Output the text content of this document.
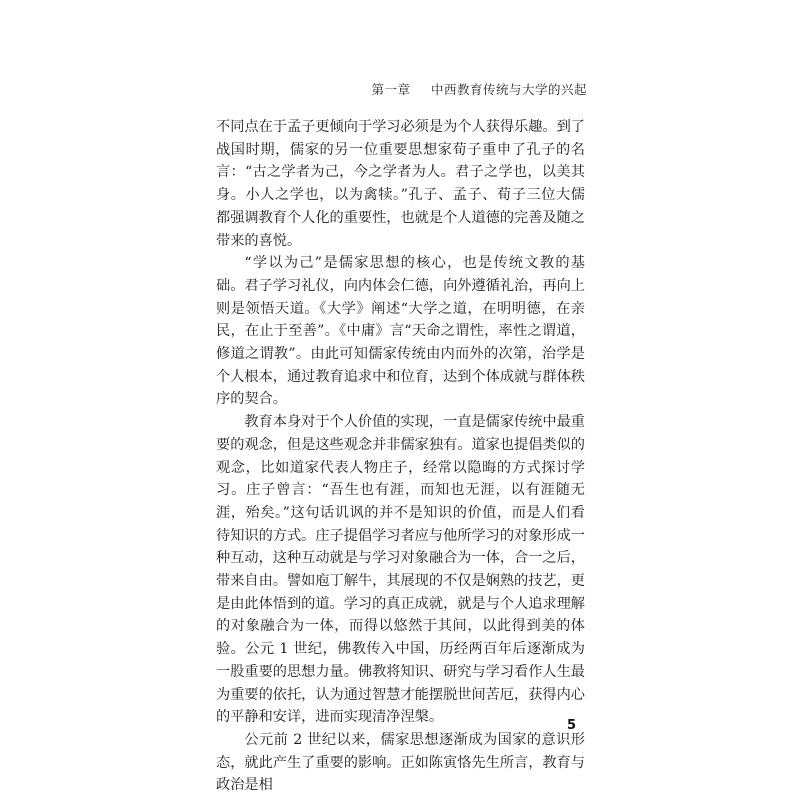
第一章 中西教育传统与大学的兴起

不同点在于孟子更倾向于学习必须是为个人获得乐趣。到了战国时期，儒家的另一位重要思想家荀子重申了孔子的名言：“古之学者为己，今之学者为人。君子之学也，以美其身。小人之学也，以为禽犊。”孔子、孟子、荀子三位大儒都强调教育个人化的重要性，也就是个人道德的完善及随之带来的喜悦。

“学以为己”是儒家思想的核心，也是传统文教的基础。君子学习礼仪，向内体会仁德，向外遵循礼治，再向上则是领悟天道。《大学》阐述“大学之道，在明明德，在亲民，在止于至善”。《中庸》言“天命之谓性，率性之谓道，修道之谓教”。由此可知儒家传统由内而外的次第，治学是个人根本，通过教育追求中和位育，达到个体成就与群体秩序的契合。

教育本身对于个人价值的实现，一直是儒家传统中最重要的观念，但是这些观念并非儒家独有。道家也提倡类似的观念，比如道家代表人物庄子，经常以隐晦的方式探讨学习。庄子曾言：“吾生也有涯，而知也无涯，以有涯随无涯，殆矣。”这句话讥讽的并不是知识的价值，而是人们看待知识的方式。庄子提倡学习者应与他所学习的对象形成一种互动，这种互动就是与学习对象融合为一体，合一之后，带来自由。譬如庖丁解牛，其展现的不仅是娴熟的技艺，更是由此体悟到的道。学习的真正成就，就是与个人追求理解的对象融合为一体，而得以悠然于其间，以此得到美的体验。公元 1 世纪，佛教传入中国，历经两百年后逐渐成为一股重要的思想力量。佛教将知识、研究与学习看作人生最为重要的依托，认为通过智慧才能摆脱世间苦厄，获得内心的平静和安详，进而实现清净涅槃。

公元前 2 世纪以来，儒家思想逐渐成为国家的意识形态，就此产生了重要的影响。正如陈寅恪先生所言，教育与政治是相

5
